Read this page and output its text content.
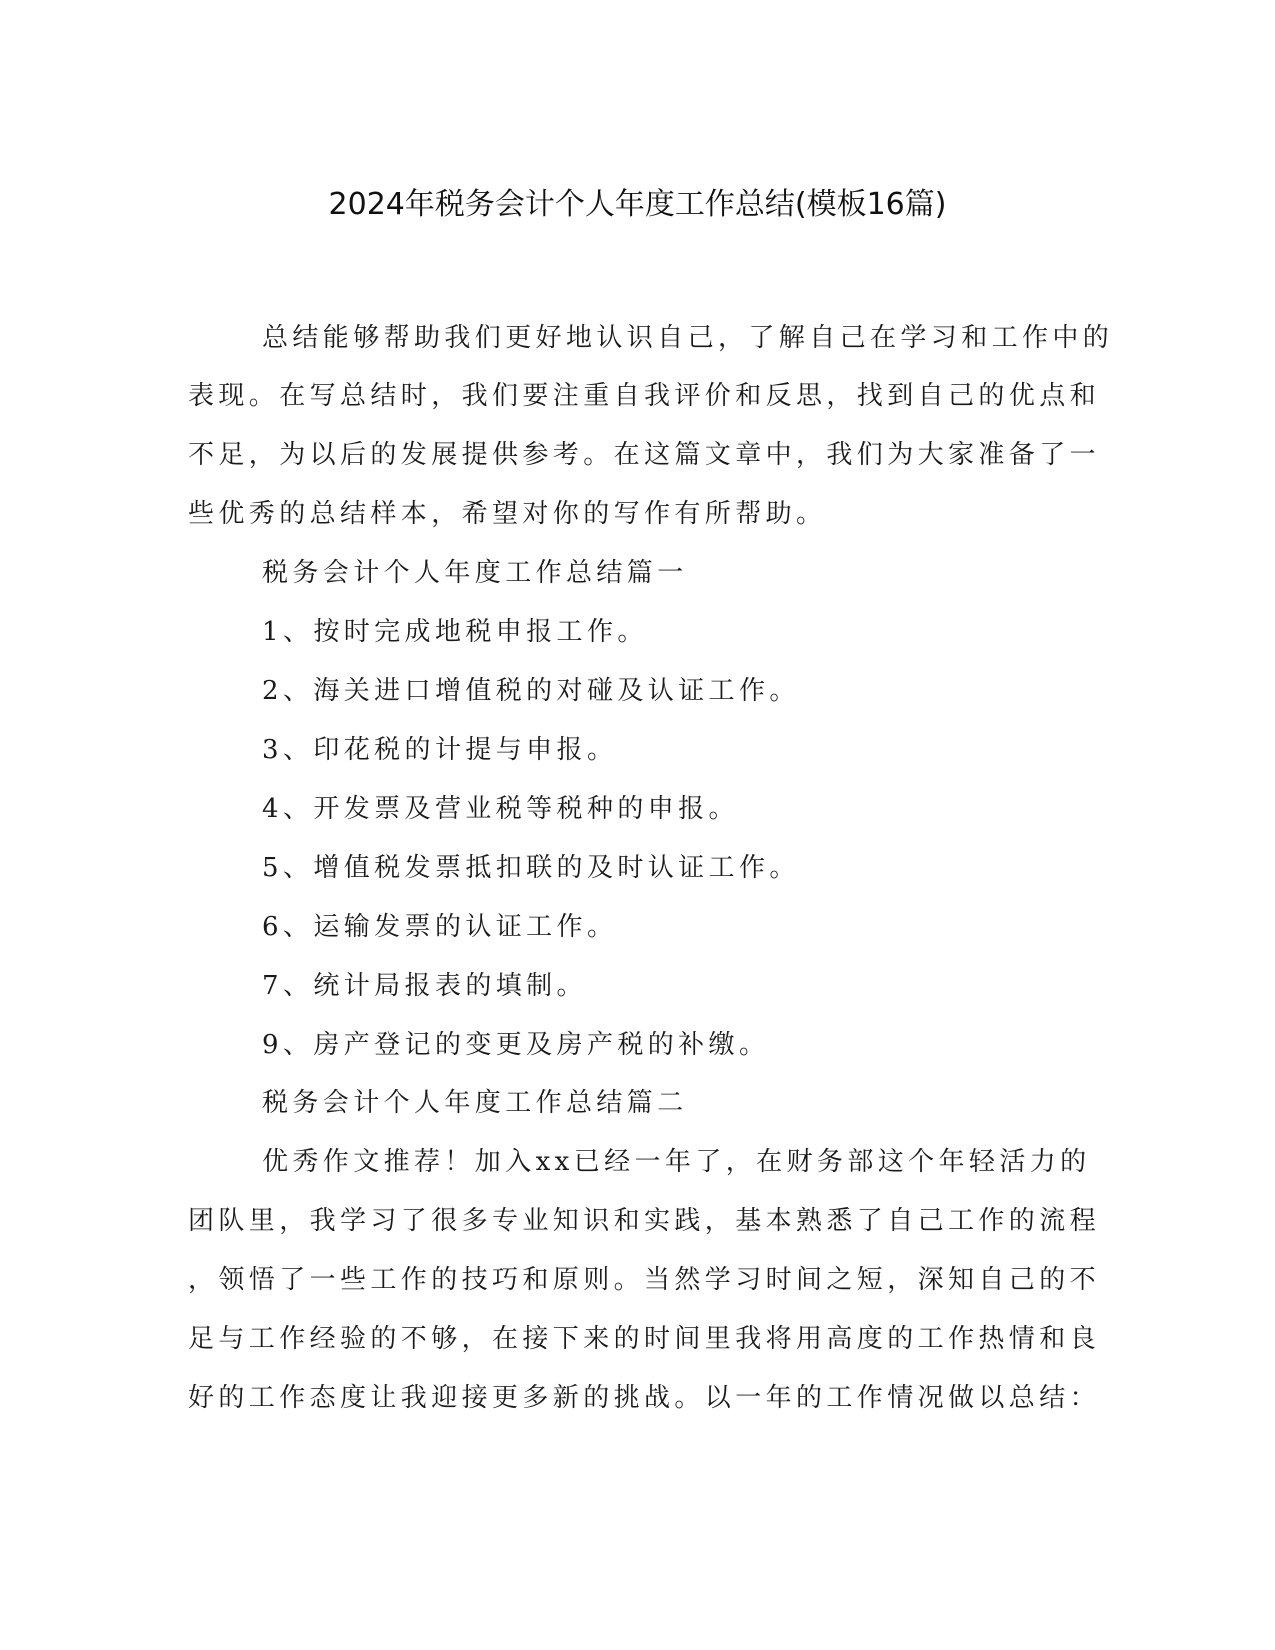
2024年税务会计个人年度工作总结(模板16篇)
总结能够帮助我们更好地认识自己，了解自己在学习和工作中的
表现。在写总结时，我们要注重自我评价和反思，找到自己的优点和
不足，为以后的发展提供参考。在这篇文章中，我们为大家准备了一
些优秀的总结样本，希望对你的写作有所帮助。
税务会计个人年度工作总结篇一
1、按时完成地税申报工作。
2、海关进口增值税的对碰及认证工作。
3、印花税的计提与申报。
4、开发票及营业税等税种的申报。
5、增值税发票抵扣联的及时认证工作。
6、运输发票的认证工作。
7、统计局报表的填制。
9、房产登记的变更及房产税的补缴。
税务会计个人年度工作总结篇二
优秀作文推荐！加入xx已经一年了，在财务部这个年轻活力的
团队里，我学习了很多专业知识和实践，基本熟悉了自己工作的流程
，领悟了一些工作的技巧和原则。当然学习时间之短，深知自己的不
足与工作经验的不够，在接下来的时间里我将用高度的工作热情和良
好的工作态度让我迎接更多新的挑战。以一年的工作情况做以总结：
